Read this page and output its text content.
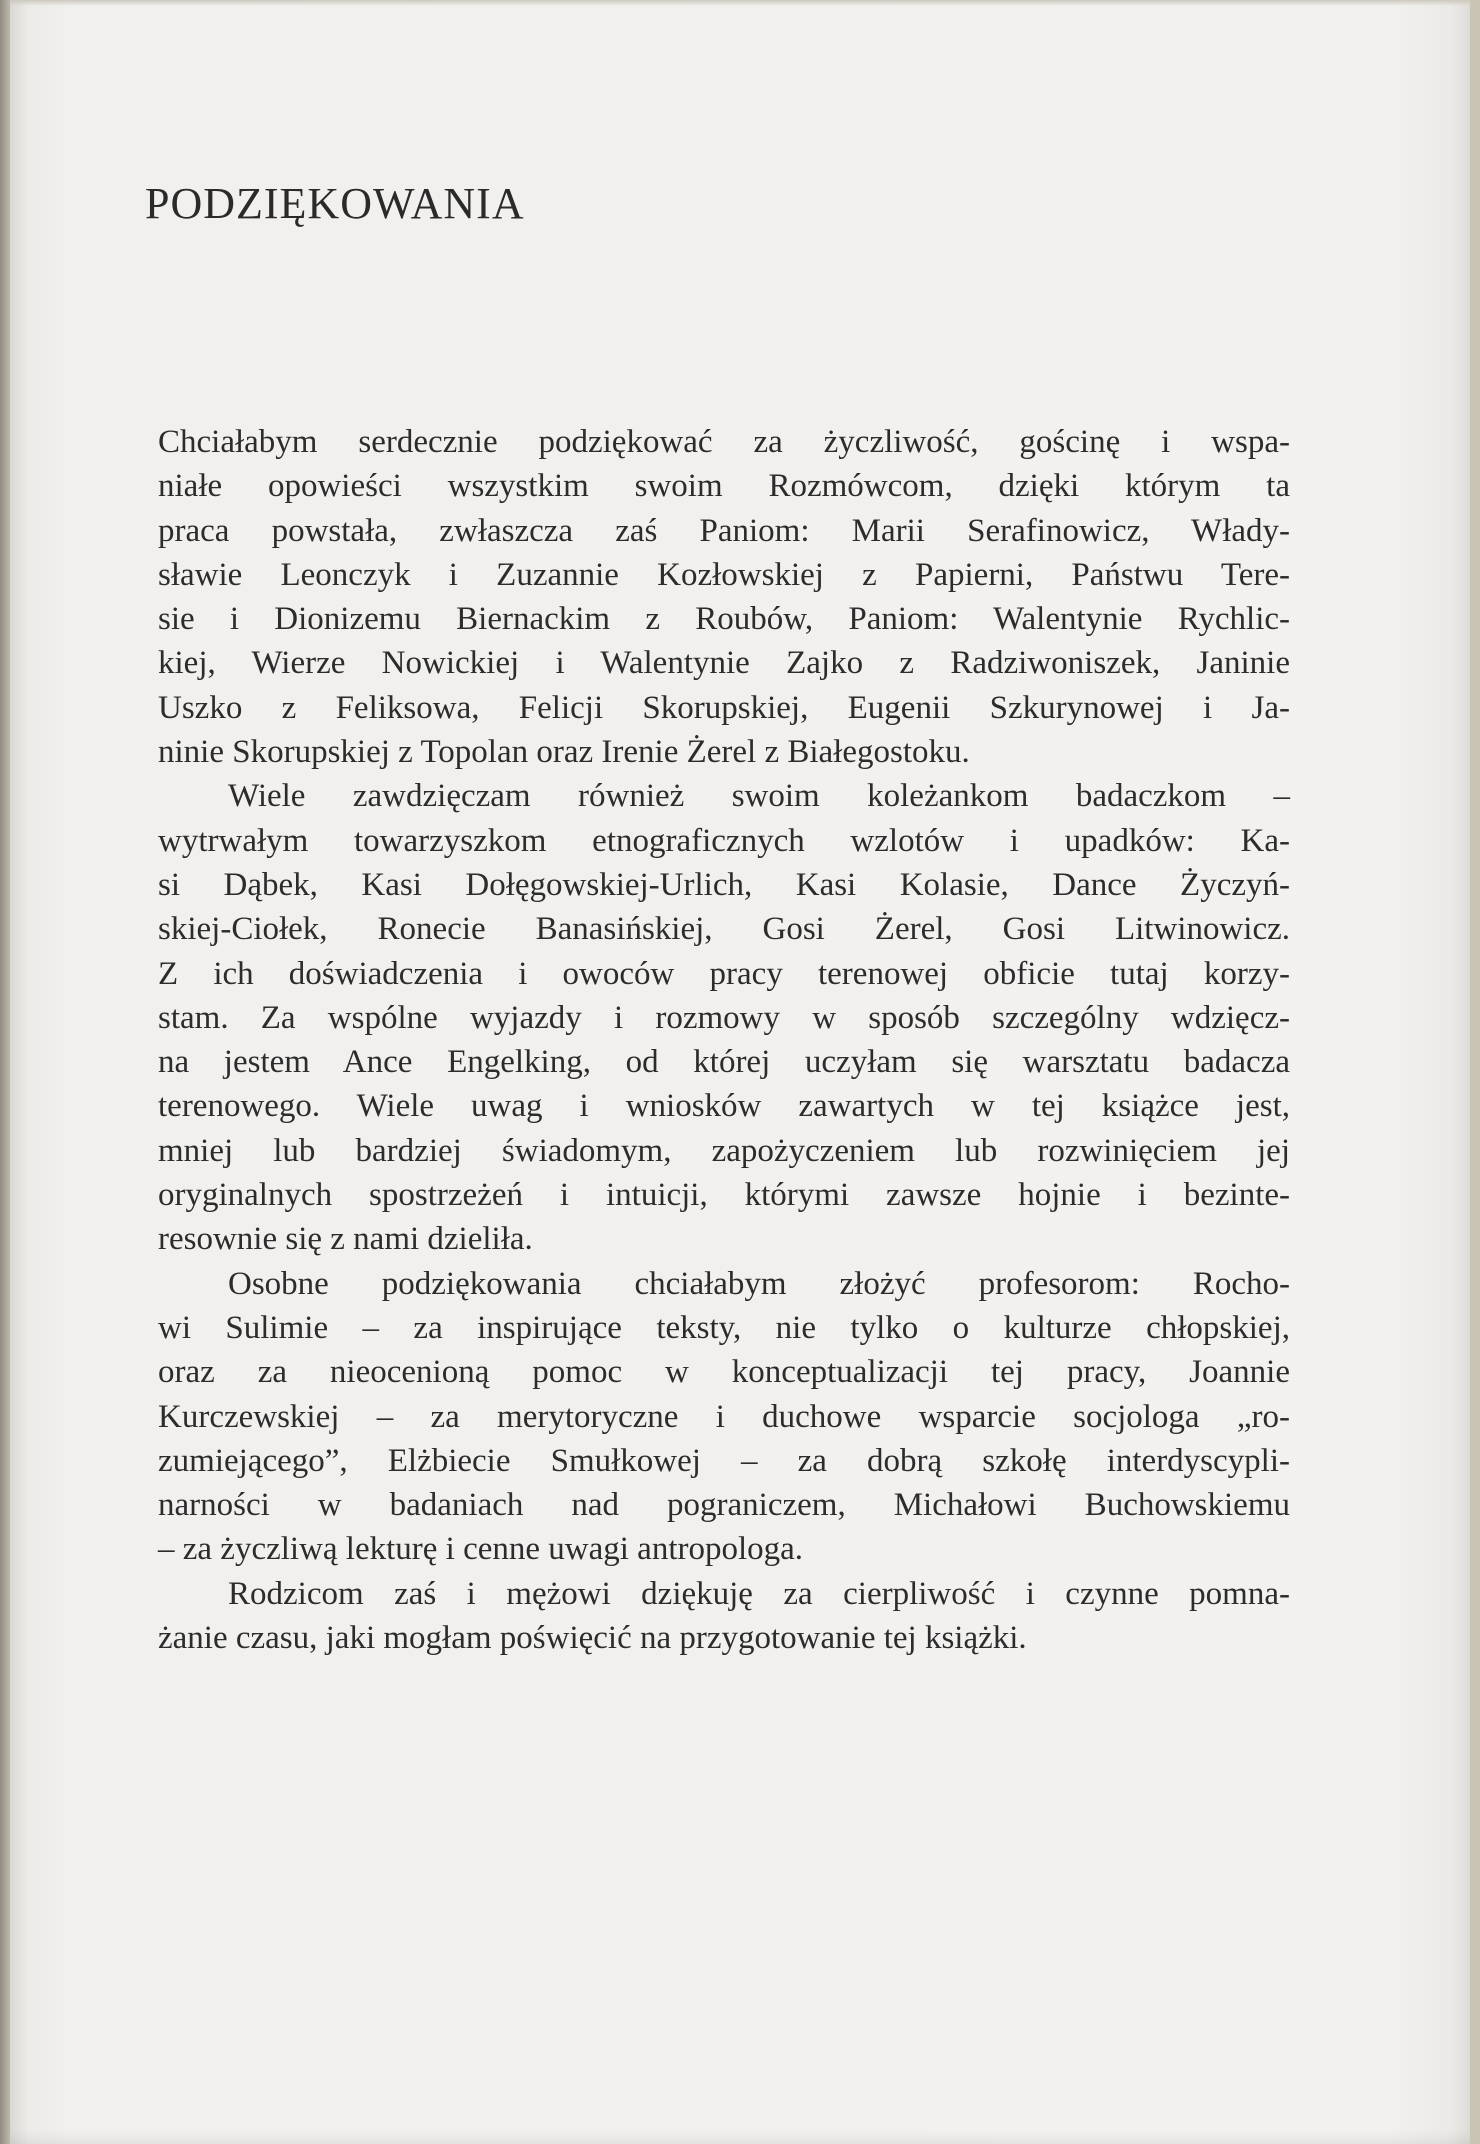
PODZIĘKOWANIA
Chciałabym serdecznie podziękować za życzliwość, gościnę i wspa-
niałe opowieści wszystkim swoim Rozmówcom, dzięki którym ta
praca powstała, zwłaszcza zaś Paniom: Marii Serafinowicz, Włady-
sławie Leonczyk i Zuzannie Kozłowskiej z Papierni, Państwu Tere-
sie i Dionizemu Biernackim z Roubów, Paniom: Walentynie Rychlic-
kiej, Wierze Nowickiej i Walentynie Zajko z Radziwoniszek, Janinie
Uszko z Feliksowa, Felicji Skorupskiej, Eugenii Szkurynowej i Ja-
ninie Skorupskiej z Topolan oraz Irenie Żerel z Białegostoku.
Wiele zawdzięczam również swoim koleżankom badaczkom –
wytrwałym towarzyszkom etnograficznych wzlotów i upadków: Ka-
si Dąbek, Kasi Dołęgowskiej-Urlich, Kasi Kolasie, Dance Życzyń-
skiej-Ciołek, Ronecie Banasińskiej, Gosi Żerel, Gosi Litwinowicz.
Z ich doświadczenia i owoców pracy terenowej obficie tutaj korzy-
stam. Za wspólne wyjazdy i rozmowy w sposób szczególny wdzięcz-
na jestem Ance Engelking, od której uczyłam się warsztatu badacza
terenowego. Wiele uwag i wniosków zawartych w tej książce jest,
mniej lub bardziej świadomym, zapożyczeniem lub rozwinięciem jej
oryginalnych spostrzeżeń i intuicji, którymi zawsze hojnie i bezinte-
resownie się z nami dzieliła.
Osobne podziękowania chciałabym złożyć profesorom: Rocho-
wi Sulimie – za inspirujące teksty, nie tylko o kulturze chłopskiej,
oraz za nieocenioną pomoc w konceptualizacji tej pracy, Joannie
Kurczewskiej – za merytoryczne i duchowe wsparcie socjologa „ro-
zumiejącego”, Elżbiecie Smułkowej – za dobrą szkołę interdyscypli-
narności w badaniach nad pograniczem, Michałowi Buchowskiemu
– za życzliwą lekturę i cenne uwagi antropologa.
Rodzicom zaś i mężowi dziękuję za cierpliwość i czynne pomna-
żanie czasu, jaki mogłam poświęcić na przygotowanie tej książki.
